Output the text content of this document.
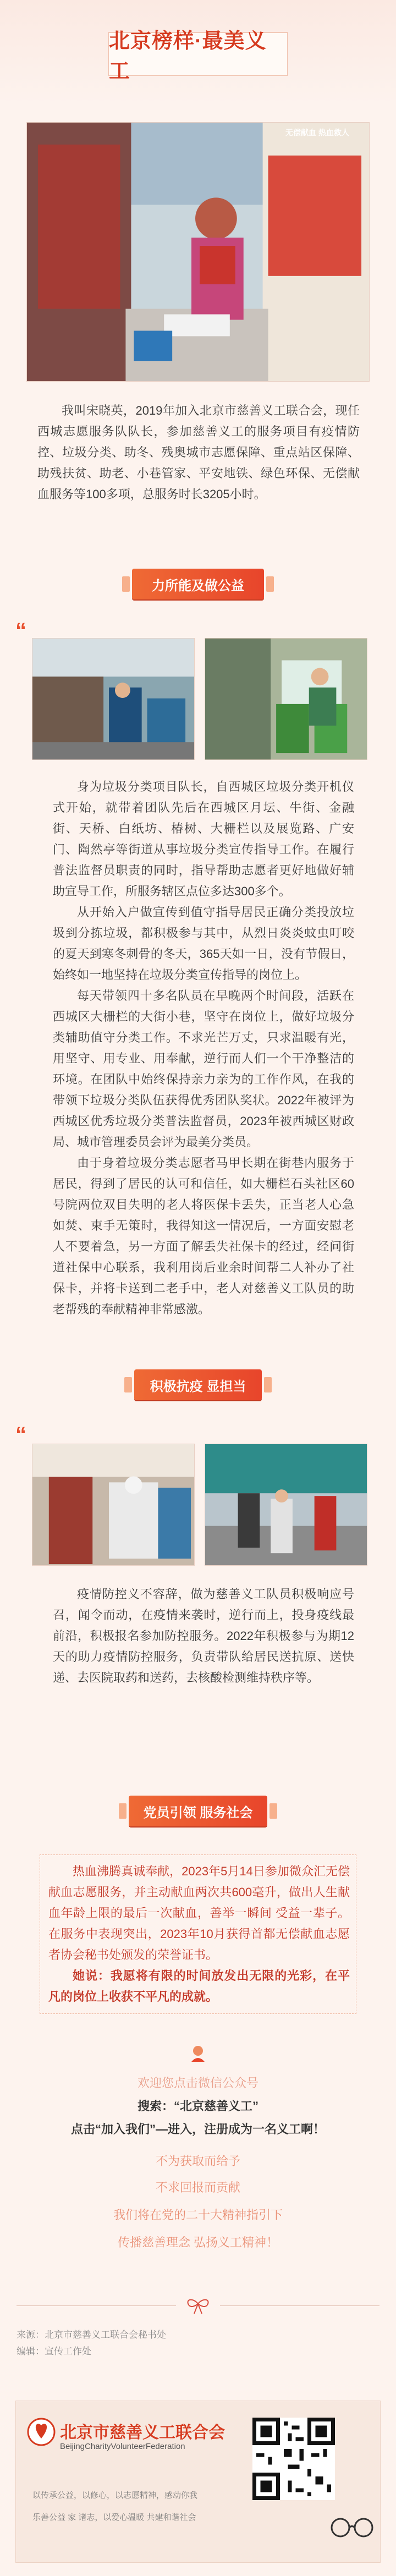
北京榜样·最美义工
无偿献血 热血救人

我叫宋晓英，2019年加入北京市慈善义工联合会，现任西城志愿服务队队长，参加慈善义工的服务项目有疫情防控、垃圾分类、助冬、残奥城市志愿保障、重点站区保障、助残扶贫、助老、小巷管家、平安地铁、绿色环保、无偿献血服务等100多项，总服务时长3205小时。

力所能及做公益
“

身为垃圾分类项目队长，自西城区垃圾分类开机仪式开始，就带着团队先后在西城区月坛、牛街、金融街、天桥、白纸坊、椿树、大栅栏以及展览路、广安门、陶然亭等街道从事垃圾分类宣传指导工作。在履行普法监督员职责的同时，指导帮助志愿者更好地做好辅助宣导工作，所服务辖区点位多达300多个。

从开始入户做宣传到值守指导居民正确分类投放垃圾到分拣垃圾，都积极参与其中，从烈日炎炎蚊虫叮咬的夏天到寒冬刺骨的冬天，365天如一日，没有节假日，始终如一地坚持在垃圾分类宣传指导的岗位上。

每天带领四十多名队员在早晚两个时间段，活跃在西城区大栅栏的大街小巷，坚守在岗位上，做好垃圾分类辅助值守分类工作。不求光芒万丈，只求温暖有光，用坚守、用专业、用奉献，逆行而人们一个干净整洁的环境。在团队中始终保持亲力亲为的工作作风，在我的带领下垃圾分类队伍获得优秀团队奖状。2022年被评为西城区优秀垃圾分类普法监督员，2023年被西城区财政局、城市管理委员会评为最美分类员。

由于身着垃圾分类志愿者马甲长期在街巷内服务于居民，得到了居民的认可和信任，如大栅栏石头社区60号院两位双目失明的老人将医保卡丢失，正当老人心急如焚、束手无策时，我得知这一情况后，一方面安慰老人不要着急，另一方面了解丢失社保卡的经过，经问街道社保中心联系，我利用岗后业余时间帮二人补办了社保卡，并将卡送到二老手中，老人对慈善义工队员的助老帮残的奉献精神非常感激。

积极抗疫 显担当
“

疫情防控义不容辞，做为慈善义工队员积极响应号召，闻令而动，在疫情来袭时，逆行而上，投身疫线最前沿，积极报名参加防控服务。2022年积极参与为期12天的助力疫情防控服务，负责带队给居民送抗原、送快递、去医院取药和送药，去核酸检测维持秩序等。

党员引领 服务社会

热血沸腾真诚奉献，2023年5月14日参加微众汇无偿献血志愿服务，并主动献血两次共600毫升，做出人生献血年龄上限的最后一次献血，善举一瞬间 受益一辈子。在服务中表现突出，2023年10月获得首都无偿献血志愿者协会秘书处颁发的荣誉证书。

她说：我愿将有限的时间放发出无限的光彩，在平凡的岗位上收获不平凡的成就。

欢迎您点击微信公众号
搜索：“北京慈善义工”
点击“加入我们”—进入，注册成为一名义工啊！
不为获取而给予
不求回报而贡献
我们将在党的二十大精神指引下
传播慈善理念 弘扬义工精神！
来源：北京市慈善义工联合会秘书处
编辑：宣传工作处
北京市慈善义工联合会
BeijingCharityVolunteerFederation
以传承公益，以修心，以志愿精神，感动你我
乐善公益 家 诸志，以爱心温暖 共建和谐社会
